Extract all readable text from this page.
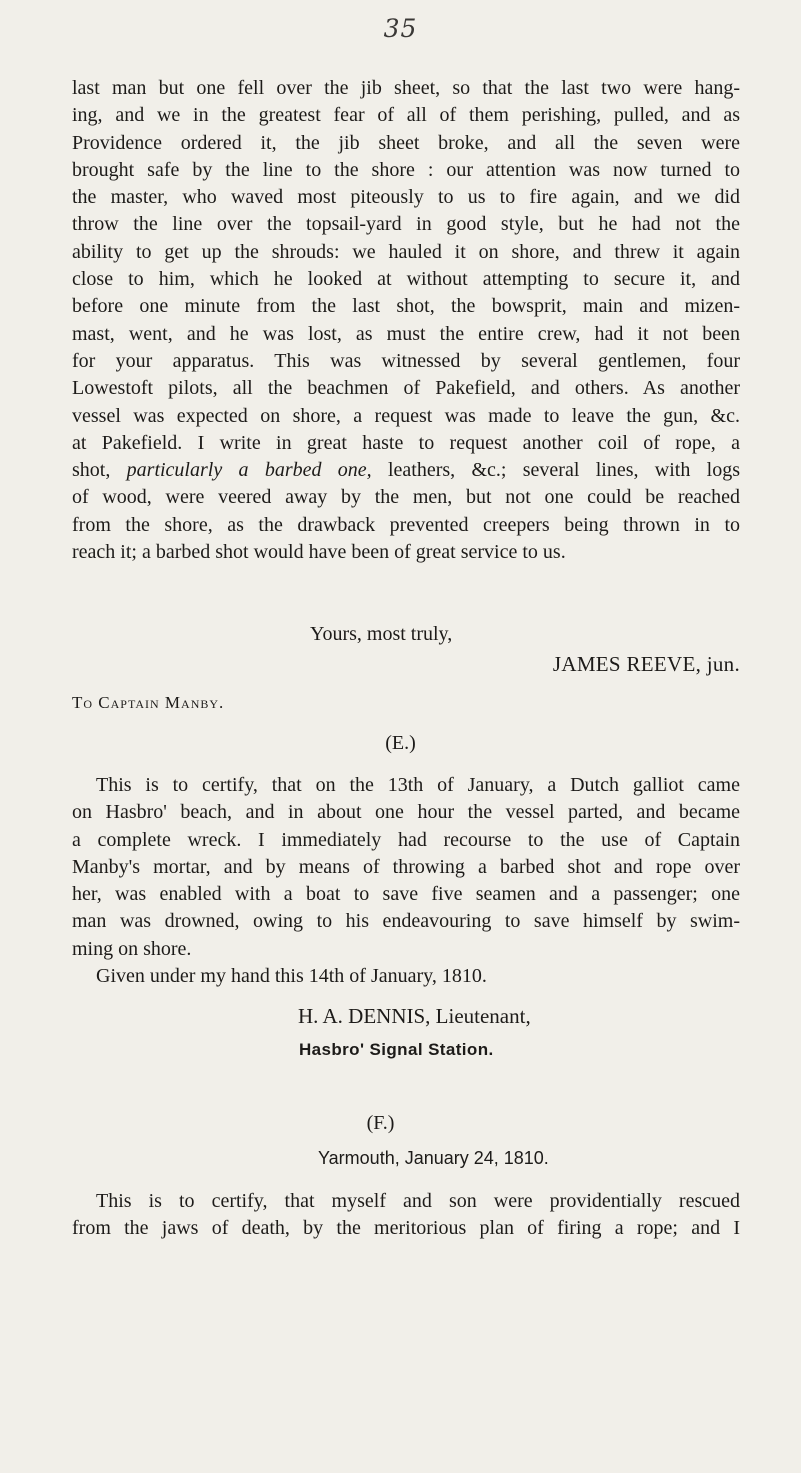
35

last man but one fell over the jib sheet, so that the last two were hang-

ing, and we in the greatest fear of all of them perishing, pulled, and as

Providence ordered it, the jib sheet broke, and all the seven were

brought safe by the line to the shore : our attention was now turned to

the master, who waved most piteously to us to fire again, and we did

throw the line over the topsail-yard in good style, but he had not the

ability to get up the shrouds: we hauled it on shore, and threw it again

close to him, which he looked at without attempting to secure it, and

before one minute from the last shot, the bowsprit, main and mizen-

mast, went, and he was lost, as must the entire crew, had it not been

for your apparatus. This was witnessed by several gentlemen, four

Lowestoft pilots, all the beachmen of Pakefield, and others. As another

vessel was expected on shore, a request was made to leave the gun, &c.

at Pakefield. I write in great haste to request another coil of rope, a

shot, particularly a barbed one, leathers, &c.; several lines, with logs

of wood, were veered away by the men, but not one could be reached

from the shore, as the drawback prevented creepers being thrown in to

reach it; a barbed shot would have been of great service to us.

Yours, most truly,
JAMES REEVE, jun.
To Captain Manby.
(E.)

This is to certify, that on the 13th of January, a Dutch galliot came

on Hasbro' beach, and in about one hour the vessel parted, and became

a complete wreck. I immediately had recourse to the use of Captain

Manby's mortar, and by means of throwing a barbed shot and rope over

her, was enabled with a boat to save five seamen and a passenger; one

man was drowned, owing to his endeavouring to save himself by swim-

ming on shore.

Given under my hand this 14th of January, 1810.
H. A. DENNIS, Lieutenant,
Hasbro' Signal Station.
(F.)
Yarmouth, January 24, 1810.

This is to certify, that myself and son were providentially rescued

from the jaws of death, by the meritorious plan of firing a rope; and I
